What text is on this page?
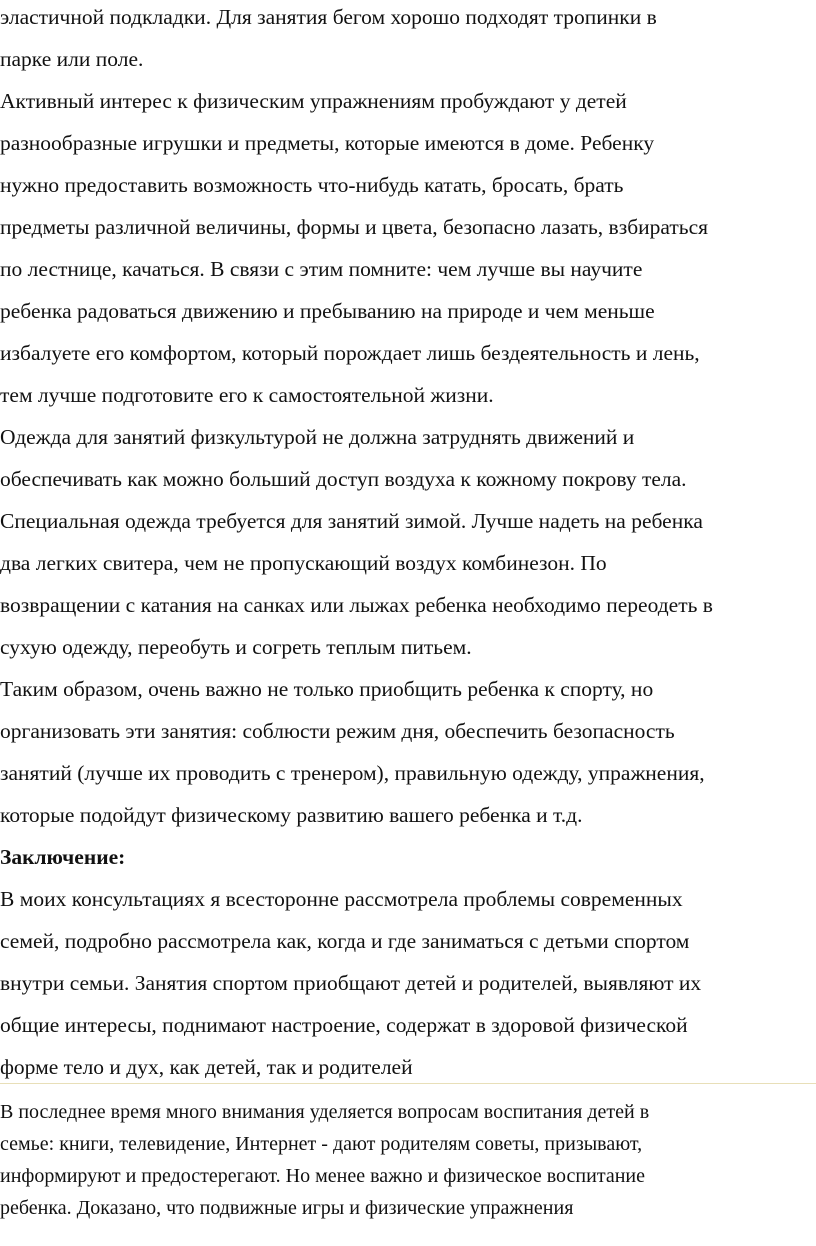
эластичной подкладки. Для занятия бегом хорошо подходят тропинки в
парке или поле.
Активный интерес к физическим упражнениям пробуждают у детей
разнообразные игрушки и предметы, которые имеются в доме. Ребенку
нужно предоставить возможность что-нибудь катать, бросать, брать
предметы различной величины, формы и цвета, безопасно лазать, взбираться
по лестнице, качаться. В связи с этим помните: чем лучше вы научите
ребенка радоваться движению и пребыванию на природе и чем меньше
избалуете его комфортом, который порождает лишь бездеятельность и лень,
тем лучше подготовите его к самостоятельной жизни.
Одежда для занятий физкультурой не должна затруднять движений и
обеспечивать как можно больший доступ воздуха к кожному покрову тела.
Специальная одежда требуется для занятий зимой. Лучше надеть на ребенка
два легких свитера, чем не пропускающий воздух комбинезон. По
возвращении с катания на санках или лыжах ребенка необходимо переодеть в
сухую одежду, переобуть и согреть теплым питьем.
Таким образом, очень важно не только приобщить ребенка к спорту, но
организовать эти занятия: соблюсти режим дня, обеспечить безопасность
занятий (лучше их проводить с тренером), правильную одежду, упражнения,
которые подойдут физическому развитию вашего ребенка и т.д.
Заключение:
В моих консультациях я всесторонне рассмотрела проблемы современных
семей, подробно рассмотрела как, когда и где заниматься с детьми спортом
внутри семьи. Занятия спортом приобщают детей и родителей, выявляют их
общие интересы, поднимают настроение, содержат в здоровой физической
форме тело и дух, как детей, так и родителей
В последнее время много внимания уделяется вопросам воспитания детей в
семье: книги, телевидение, Интернет - дают родителям советы, призывают,
информируют и предостерегают. Но менее важно и физическое воспитание
ребенка. Доказано, что подвижные игры и физические упражнения
